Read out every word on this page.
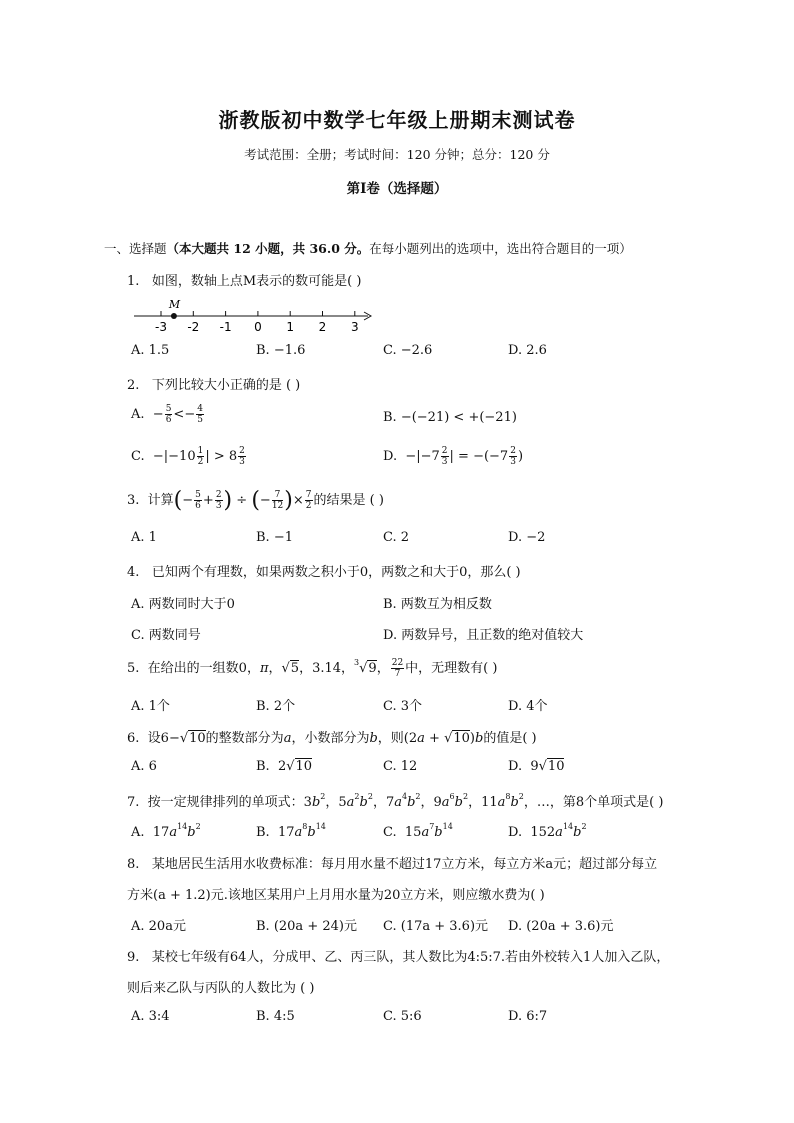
浙教版初中数学七年级上册期末测试卷
考试范围：全册；考试时间：120 分钟；总分：120 分
第Ⅰ卷（选择题）
一、选择题（本大题共 12 小题，共 36.0 分。在每小题列出的选项中，选出符合题目的一项）
1. 如图，数轴上点M表示的数可能是( )
-3 -2 -1 0 1 2 3
M
A. 1.5	B. −1.6	C. −2.6	D. 2.6
2. 下列比较大小正确的是 ( )
A.  − $\frac{5}{6} <- \frac{4}{5}$	B. −(−21) < +(−21)
C.  $-|-10 \frac{1}{2}$ | > $8 \frac{2}{3}$	D.  $-|-7 \frac{2}{3}$ | = $-(-7 \frac{2}{3}$ )
3.  计算(− $\frac{5}{6} + \frac{2}{3}$ ) ÷ (− $\frac{7}{12}$ )× $\frac{7}{2}$ 的结果是 ( )
A. 1	B. −1	C. 2	D. −2
4. 已知两个有理数，如果两数之积小于0，两数之和大于0，那么( )
A. 两数同时大于0	B. 两数互为相反数
C. 两数同号	D. 两数异号，且正数的绝对值较大
5.  在给出的一组数0，π，√5，3.14，$^3$√9， $\frac{22}{7}$ 中，无理数有( )
A. 1个	B. 2个	C. 3个	D. 4个
6.  设6−√10的整数部分为a，小数部分为b，则(2a + √10)b的值是( )
A. 6	B.  2√10	C. 12	D.  9√10
7.  按一定规律排列的单项式：$3b^2$，$5a^2b^2$，$7a^4b^2$，$9a^6b^2$，$11a^8b^2$，…，第8个单项式是( )
A.  $17a^{14}b^2$	B.  $17a^8b^{14}$	C.  $15a^7b^{14}$	D.  $152a^{14}b^2$
8. 某地居民生活用水收费标准：每月用水量不超过17立方米，每立方米a元；超过部分每立
方米(a + 1.2)元.该地区某用户上月用水量为20立方米，则应缴水费为( )
A. 20a元	B. (20a + 24)元 C. (17a + 3.6)元 D. (20a + 3.6)元
9. 某校七年级有64人，分成甲、乙、丙三队，其人数比为4:5:7.若由外校转入1人加入乙队，
则后来乙队与丙队的人数比为 ( )
A. 3:4	B. 4:5	C. 5:6	D. 6:7
